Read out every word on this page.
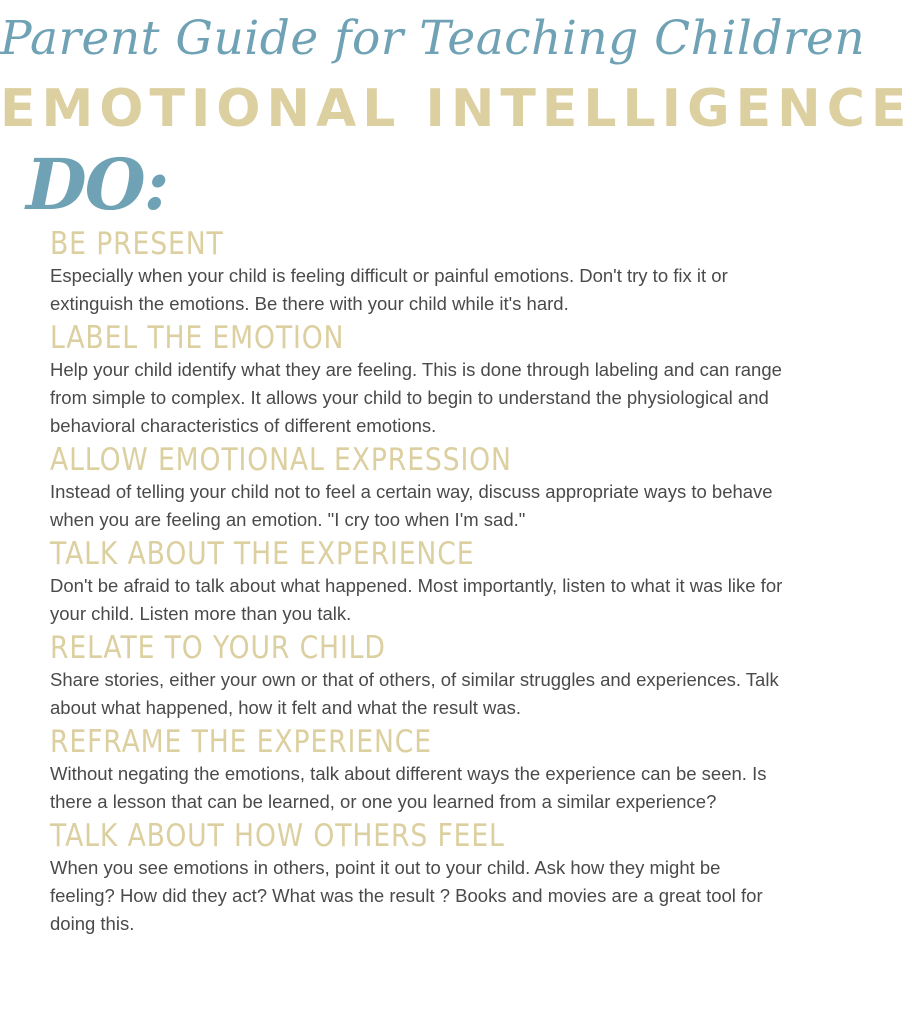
Parent Guide for Teaching Children
EMOTIONAL INTELLIGENCE
DO:
BE PRESENT

Especially when your child is feeling difficult or painful emotions. Don't try to fix it or extinguish the emotions. Be there with your child while it's hard.

LABEL THE EMOTION

Help your child identify what they are feeling. This is done through labeling and can range from simple to complex. It allows your child to begin to understand the physiological and behavioral characteristics of different emotions.

ALLOW EMOTIONAL EXPRESSION

Instead of telling your child not to feel a certain way, discuss appropriate ways to behave when you are feeling an emotion. "I cry too when I'm sad."

TALK ABOUT THE EXPERIENCE

Don't be afraid to talk about what happened. Most importantly, listen to what it was like for your child. Listen more than you talk.

RELATE TO YOUR CHILD

Share stories, either your own or that of others, of similar struggles and experiences. Talk about what happened, how it felt and what the result was.

REFRAME THE EXPERIENCE

Without negating the emotions, talk about different ways the experience can be seen. Is there a lesson that can be learned, or one you learned from a similar experience?

TALK ABOUT HOW OTHERS FEEL

When you see emotions in others, point it out to your child. Ask how they might be feeling? How did they act? What was the result ? Books and movies are a great tool for doing this.
